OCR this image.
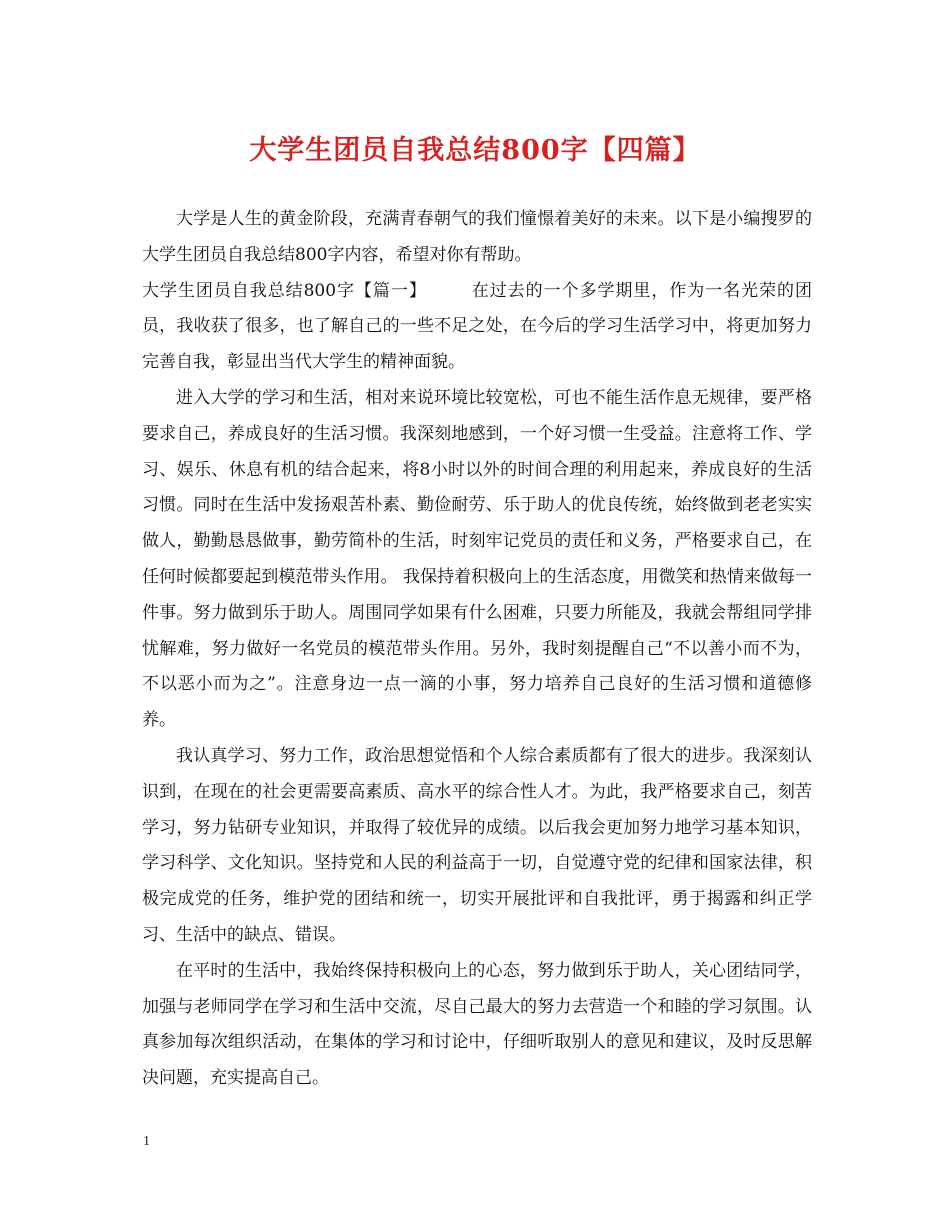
大学生团员自我总结800字【四篇】

大学是人生的黄金阶段，充满青春朝气的我们憧憬着美好的未来。以下是小编搜罗的大学生团员自我总结800字内容，希望对你有帮助。

大学生团员自我总结800字【篇一】	在过去的一个多学期里，作为一名光荣的团员，我收获了很多，也了解自己的一些不足之处，在今后的学习生活学习中，将更加努力完善自我，彰显出当代大学生的精神面貌。

进入大学的学习和生活，相对来说环境比较宽松，可也不能生活作息无规律，要严格要求自己，养成良好的生活习惯。我深刻地感到，一个好习惯一生受益。注意将工作、学习、娱乐、休息有机的结合起来，将8小时以外的时间合理的利用起来，养成良好的生活习惯。同时在生活中发扬艰苦朴素、勤俭耐劳、乐于助人的优良传统，始终做到老老实实做人，勤勤恳恳做事，勤劳简朴的生活，时刻牢记党员的责任和义务，严格要求自己，在任何时候都要起到模范带头作用。 我保持着积极向上的生活态度，用微笑和热情来做每一件事。努力做到乐于助人。周围同学如果有什么困难，只要力所能及，我就会帮组同学排忧解难，努力做好一名党员的模范带头作用。另外，我时刻提醒自己“不以善小而不为，不以恶小而为之”。注意身边一点一滴的小事，努力培养自己良好的生活习惯和道德修养。

我认真学习、努力工作，政治思想觉悟和个人综合素质都有了很大的进步。我深刻认识到，在现在的社会更需要高素质、高水平的综合性人才。为此，我严格要求自己，刻苦学习，努力钻研专业知识，并取得了较优异的成绩。以后我会更加努力地学习基本知识，学习科学、文化知识。坚持党和人民的利益高于一切，自觉遵守党的纪律和国家法律，积极完成党的任务，维护党的团结和统一，切实开展批评和自我批评，勇于揭露和纠正学习、生活中的缺点、错误。

在平时的生活中，我始终保持积极向上的心态，努力做到乐于助人，关心团结同学，加强与老师同学在学习和生活中交流，尽自己最大的努力去营造一个和睦的学习氛围。认真参加每次组织活动，在集体的学习和讨论中，仔细听取别人的意见和建议，及时反思解决问题，充实提高自己。

1
